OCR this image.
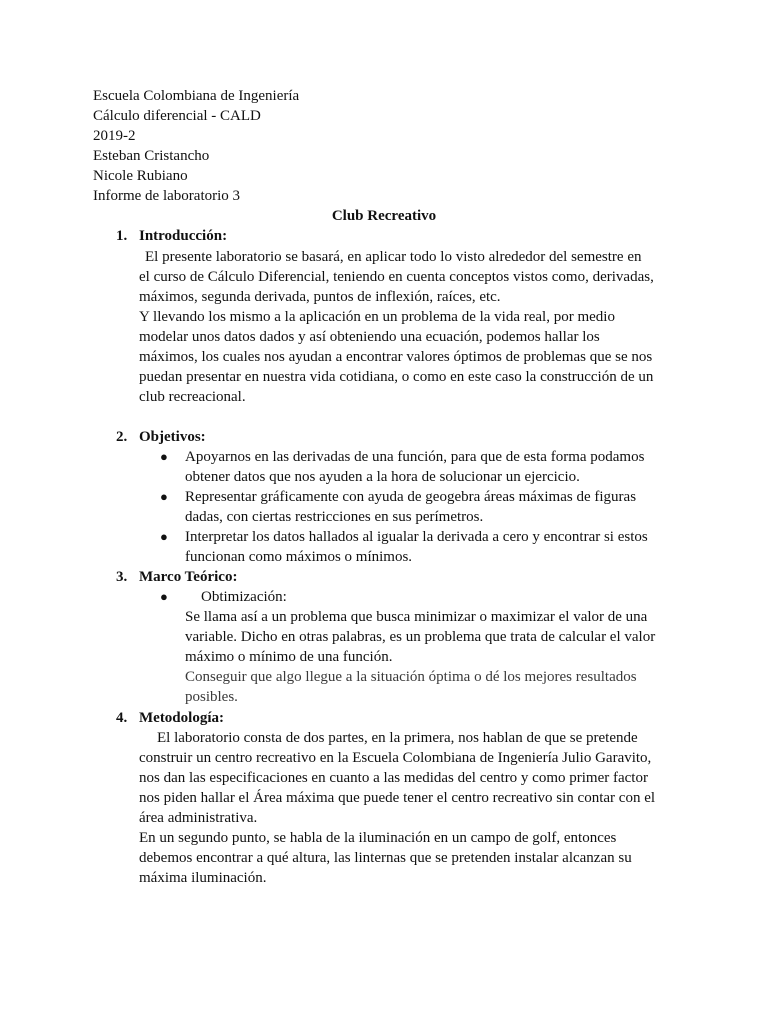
Escuela Colombiana de Ingeniería
Cálculo diferencial - CALD
2019-2
Esteban Cristancho
Nicole Rubiano
Informe de laboratorio 3
Club Recreativo
1. Introducción:
El presente laboratorio se basará, en aplicar todo lo visto alrededor del semestre en
el curso de Cálculo Diferencial, teniendo en cuenta conceptos vistos como, derivadas,
máximos, segunda derivada, puntos de inflexión, raíces, etc.
Y llevando los mismo a la aplicación en un problema de la vida real, por medio
modelar unos datos dados y así obteniendo una ecuación, podemos hallar los
máximos, los cuales nos ayudan a encontrar valores óptimos de problemas que se nos
puedan presentar en nuestra vida cotidiana, o como en este caso la construcción de un
club recreacional.
2. Objetivos:
● Apoyarnos en las derivadas de una función, para que de esta forma podamos
obtener datos que nos ayuden a la hora de solucionar un ejercicio.
● Representar gráficamente con ayuda de geogebra áreas máximas de figuras
dadas, con ciertas restricciones en sus perímetros.
● Interpretar los datos hallados al igualar la derivada a cero y encontrar si estos
funcionan como máximos o mínimos.
3. Marco Teórico:
● Obtimización:
Se llama así a un problema que busca minimizar o maximizar el valor de una
variable. Dicho en otras palabras, es un problema que trata de calcular el valor
máximo o mínimo de una función.
Conseguir que algo llegue a la situación óptima o dé los mejores resultados
posibles.
4. Metodología:
El laboratorio consta de dos partes, en la primera, nos hablan de que se pretende
construir un centro recreativo en la Escuela Colombiana de Ingeniería Julio Garavito,
nos dan las especificaciones en cuanto a las medidas del centro y como primer factor
nos piden hallar el Área máxima que puede tener el centro recreativo sin contar con el
área administrativa.
En un segundo punto, se habla de la iluminación en un campo de golf, entonces
debemos encontrar a qué altura, las linternas que se pretenden instalar alcanzan su
máxima iluminación.
